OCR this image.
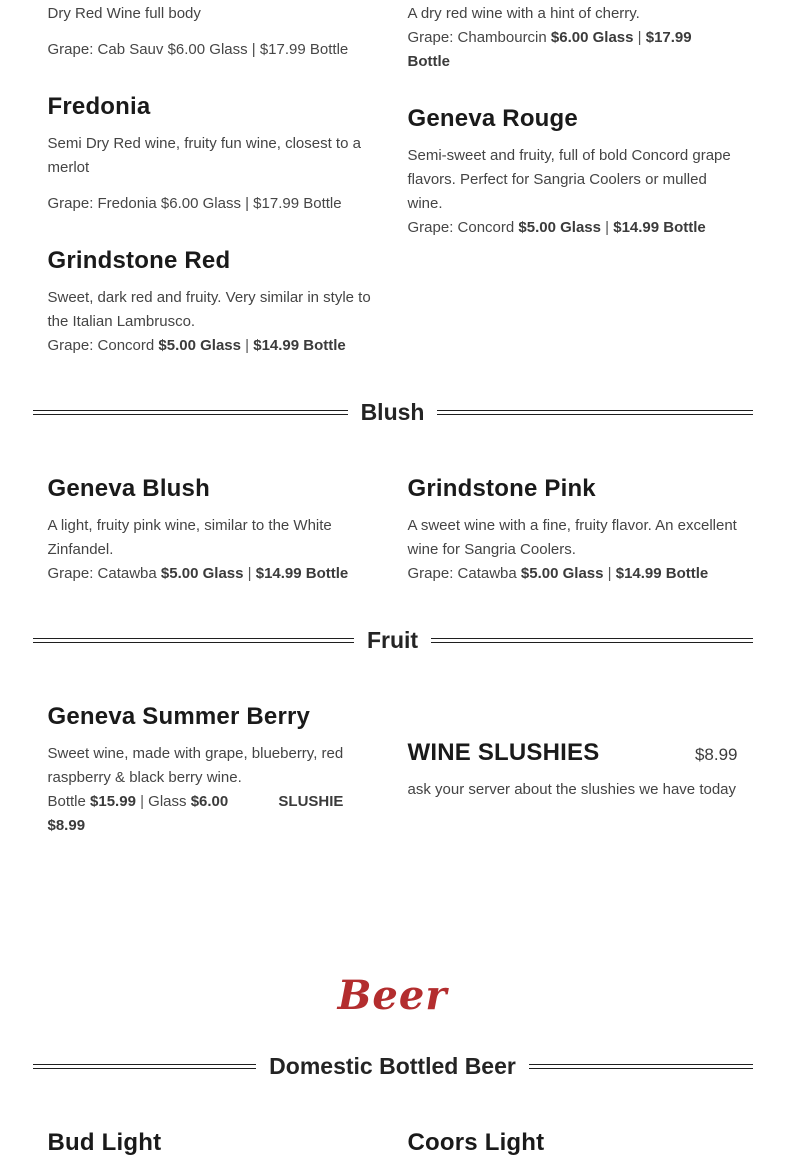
Dry Red Wine full body

Grape: Cab Sauv $6.00 Glass | $17.99 Bottle

Fredonia

Semi Dry Red wine, fruity fun wine, closest to a merlot

Grape: Fredonia $6.00 Glass | $17.99 Bottle

Grindstone Red

Sweet, dark red and fruity. Very similar in style to the Italian Lambrusco.

Grape: Concord $5.00 Glass | $14.99 Bottle

A dry red wine with a hint of cherry.

Grape: Chambourcin $6.00 Glass | $17.99 Bottle

Geneva Rouge

Semi-sweet and fruity, full of bold Concord grape flavors. Perfect for Sangria Coolers or mulled wine.

Grape: Concord $5.00 Glass | $14.99 Bottle

Blush
Geneva Blush

A light, fruity pink wine, similar to the White Zinfandel.

Grape: Catawba $5.00 Glass | $14.99 Bottle

Grindstone Pink

A sweet wine with a fine, fruity flavor. An excellent wine for Sangria Coolers.

Grape: Catawba $5.00 Glass | $14.99 Bottle

Fruit
Geneva Summer Berry

Sweet wine, made with grape, blueberry, red raspberry & black berry wine.

Bottle $15.99 | Glass $6.00	SLUSHIE $8.99

WINE SLUSHIES	$8.99

ask your server about the slushies we have today

Beer
Domestic Bottled Beer
Bud Light	Coors Light
